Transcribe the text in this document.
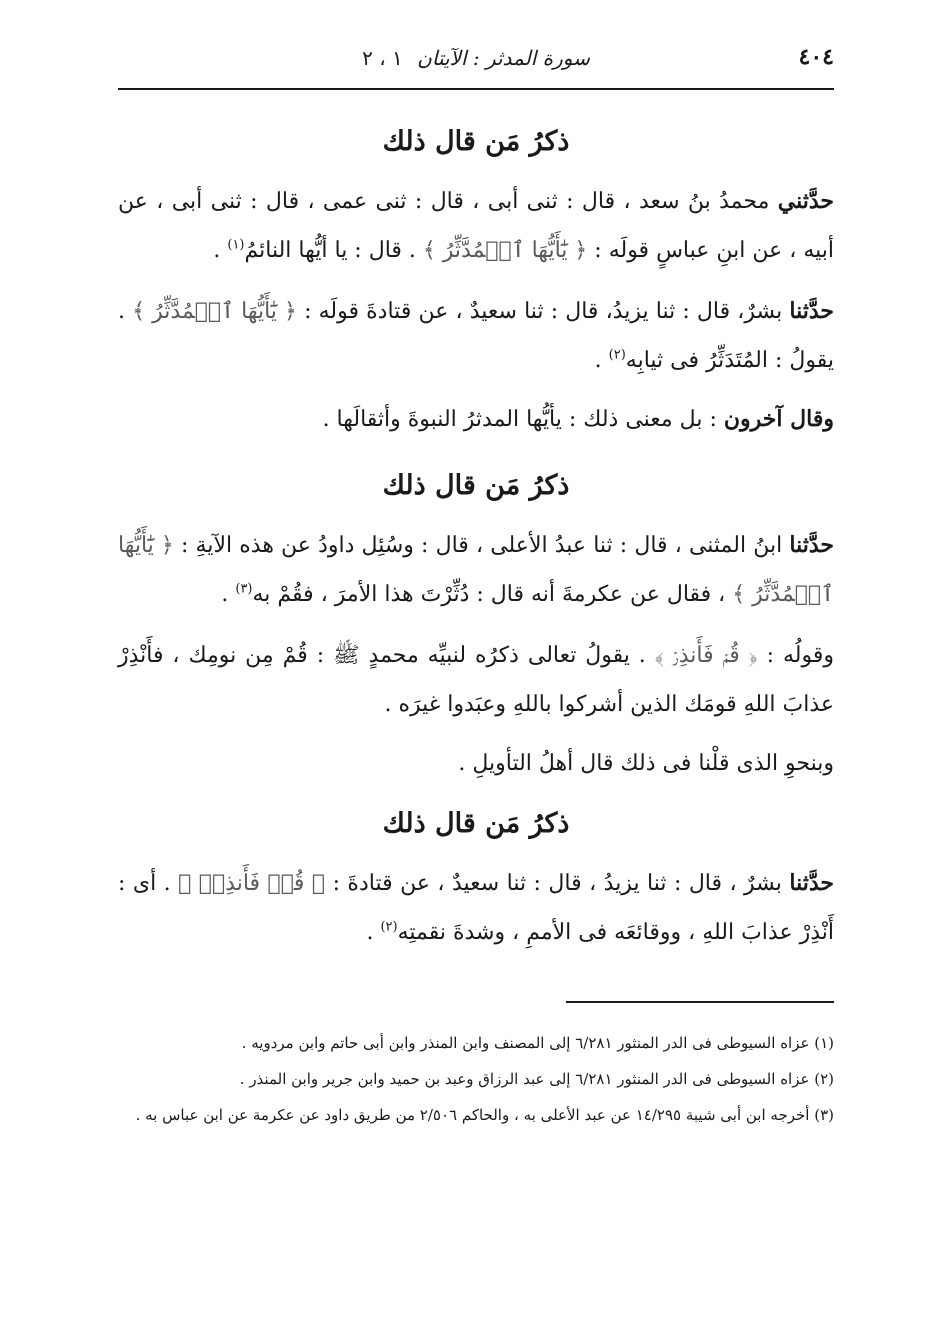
٤٠٤
سورة المدثر : الآيتان ١ ، ٢
ذكرُ مَن قال ذلك

حدَّثني محمدُ بنُ سعد ، قال : ثنى أبى ، قال : ثنى عمى ، قال : ثنى أبى ، عن أبيه ، عن ابنِ عباسٍ قولَه : ﴿ يَٰٓأَيُّهَا ٱلۡمُدَّثِّرُ ﴾ . قال : يا أيُّها النائمُ$^{(١)}$ .

حدَّثنا بشرٌ، قال : ثنا يزيدُ، قال : ثنا سعيدٌ ، عن قتادةَ قولَه : ﴿ يَٰٓأَيُّهَا ٱلۡمُدَّثِّرُ ﴾ . يقولُ : المُتَدَثِّرُ فى ثيابِه$^{(٢)}$ .

وقال آخرون : بل معنى ذلك : يأيُّها المدثرُ النبوةَ وأثقالَها .

ذكرُ مَن قال ذلك

حدَّثنا ابنُ المثنى ، قال : ثنا عبدُ الأعلى ، قال : وسُئِل داودُ عن هذه الآيةِ : ﴿ يَٰٓأَيُّهَا ٱلۡمُدَّثِّرُ ﴾ ، فقال عن عكرمةَ أنه قال : دُثِّرْتَ هذا الأمرَ ، فقُمْ به$^{(٣)}$ .

وقولُه : ﴿ قُمۡ فَأَنذِرۡ ﴾ . يقولُ تعالى ذكرُه لنبيِّه محمدٍ ﷺ : قُمْ مِن نومِك ، فأَنْذِرْ عذابَ اللهِ قومَك الذين أشركوا باللهِ وعبَدوا غيرَه .

وبنحوِ الذى قلْنا فى ذلك قال أهلُ التأويلِ .

ذكرُ مَن قال ذلك

حدَّثنا بشرٌ ، قال : ثنا يزيدُ ، قال : ثنا سعيدٌ ، عن قتادةَ : ﴿ قُمۡ فَأَنذِرۡ ﴾ . أى : أَنْذِرْ عذابَ اللهِ ، ووقائعَه فى الأممِ ، وشدةَ نقمتِه$^{(٢)}$ .

(١) عزاه السيوطى فى الدر المنثور ٦/٢٨١ إلى المصنف وابن المنذر وابن أبى حاتم وابن مردويه .

(٢) عزاه السيوطى فى الدر المنثور ٦/٢٨١ إلى عبد الرزاق وعبد بن حميد وابن جرير وابن المنذر .

(٣) أخرجه ابن أبى شيبة ١٤/٢٩٥ عن عبد الأعلى به ، والحاكم ٢/٥٠٦ من طريق داود عن عكرمة عن ابن عباس به .
